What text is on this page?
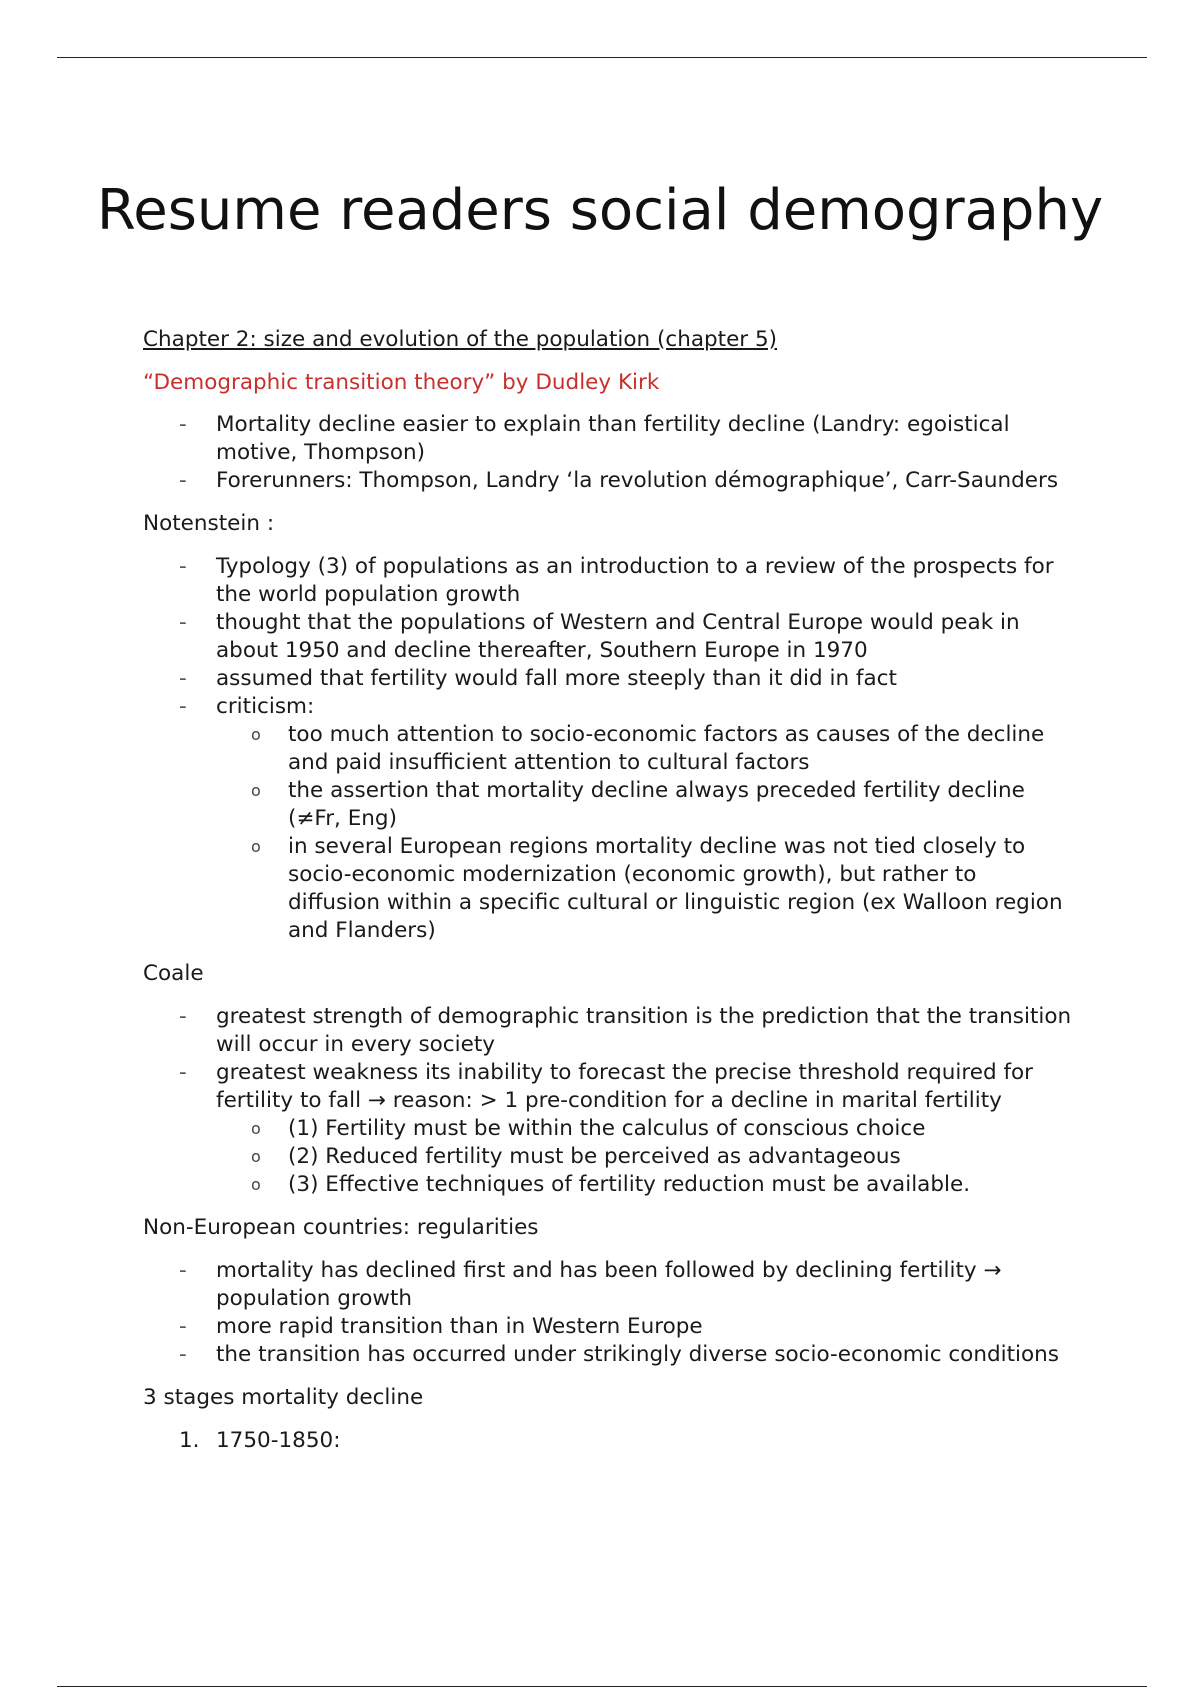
Resume readers social demography

Chapter 2: size and evolution of the population (chapter 5)

“Demographic transition theory” by Dudley Kirk

- Mortality decline easier to explain than fertility decline (Landry: egoistical motive, Thompson)
- Forerunners: Thompson, Landry ‘la revolution démographique’, Carr-Saunders

Notenstein :

- Typology (3) of populations as an introduction to a review of the prospects for the world population growth
- thought that the populations of Western and Central Europe would peak in about 1950 and decline thereafter, Southern Europe in 1970
- assumed that fertility would fall more steeply than it did in fact
- criticism:
o too much attention to socio-economic factors as causes of the decline and paid insufficient attention to cultural factors
o the assertion that mortality decline always preceded fertility decline (≠Fr, Eng)
o in several European regions mortality decline was not tied closely to socio-economic modernization (economic growth), but rather to diffusion within a specific cultural or linguistic region (ex Walloon region and Flanders)

Coale

- greatest strength of demographic transition is the prediction that the transition will occur in every society
- greatest weakness its inability to forecast the precise threshold required for fertility to fall → reason: > 1 pre-condition for a decline in marital fertility
o (1) Fertility must be within the calculus of conscious choice
o (2) Reduced fertility must be perceived as advantageous
o (3) Effective techniques of fertility reduction must be available.

Non-European countries: regularities

- mortality has declined first and has been followed by declining fertility → population growth
- more rapid transition than in Western Europe
- the transition has occurred under strikingly diverse socio-economic conditions

3 stages mortality decline

1. 1750-1850:
